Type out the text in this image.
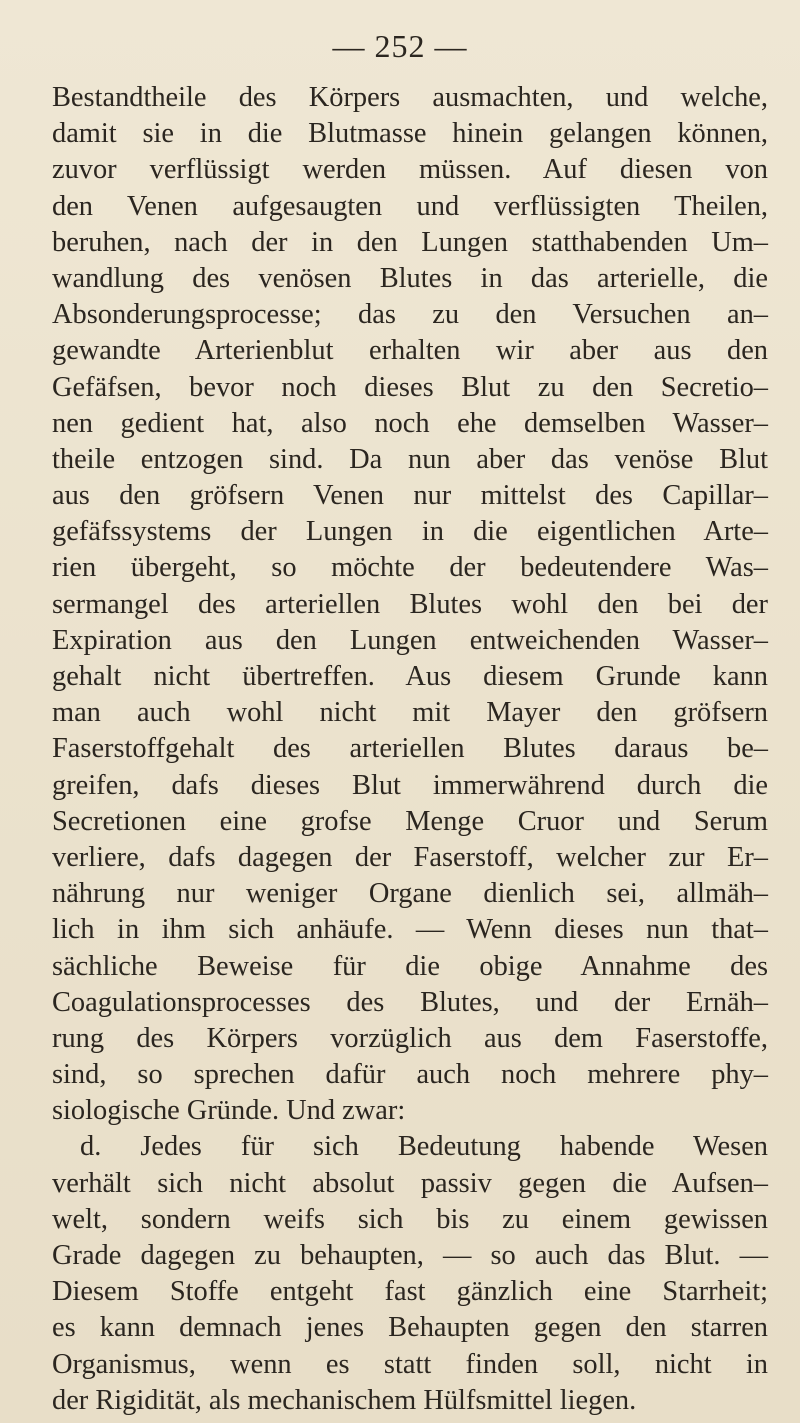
— 252 —
Bestandtheile des Körpers ausmachten, und welche,
damit sie in die Blutmasse hinein gelangen können,
zuvor verflüssigt werden müssen. Auf diesen von
den Venen aufgesaugten und verflüssigten Theilen,
beruhen, nach der in den Lungen statthabenden Um–
wandlung des venösen Blutes in das arterielle, die
Absonderungsprocesse; das zu den Versuchen an–
gewandte Arterienblut erhalten wir aber aus den
Gefäfsen, bevor noch dieses Blut zu den Secretio–
nen gedient hat, also noch ehe demselben Wasser–
theile entzogen sind. Da nun aber das venöse Blut
aus den gröfsern Venen nur mittelst des Capillar–
gefäfssystems der Lungen in die eigentlichen Arte–
rien übergeht, so möchte der bedeutendere Was–
sermangel des arteriellen Blutes wohl den bei der
Expiration aus den Lungen entweichenden Wasser–
gehalt nicht übertreffen. Aus diesem Grunde kann
man auch wohl nicht mit Mayer den gröfsern
Faserstoffgehalt des arteriellen Blutes daraus be–
greifen, dafs dieses Blut immerwährend durch die
Secretionen eine grofse Menge Cruor und Serum
verliere, dafs dagegen der Faserstoff, welcher zur Er–
nährung nur weniger Organe dienlich sei, allmäh–
lich in ihm sich anhäufe. — Wenn dieses nun that–
sächliche Beweise für die obige Annahme des
Coagulationsprocesses des Blutes, und der Ernäh–
rung des Körpers vorzüglich aus dem Faserstoffe,
sind, so sprechen dafür auch noch mehrere phy–
siologische Gründe. Und zwar:
d. Jedes für sich Bedeutung habende Wesen
verhält sich nicht absolut passiv gegen die Aufsen–
welt, sondern weifs sich bis zu einem gewissen
Grade dagegen zu behaupten, — so auch das Blut. —
Diesem Stoffe entgeht fast gänzlich eine Starrheit;
es kann demnach jenes Behaupten gegen den starren
Organismus, wenn es statt finden soll, nicht in
der Rigidität, als mechanischem Hülfsmittel liegen.
